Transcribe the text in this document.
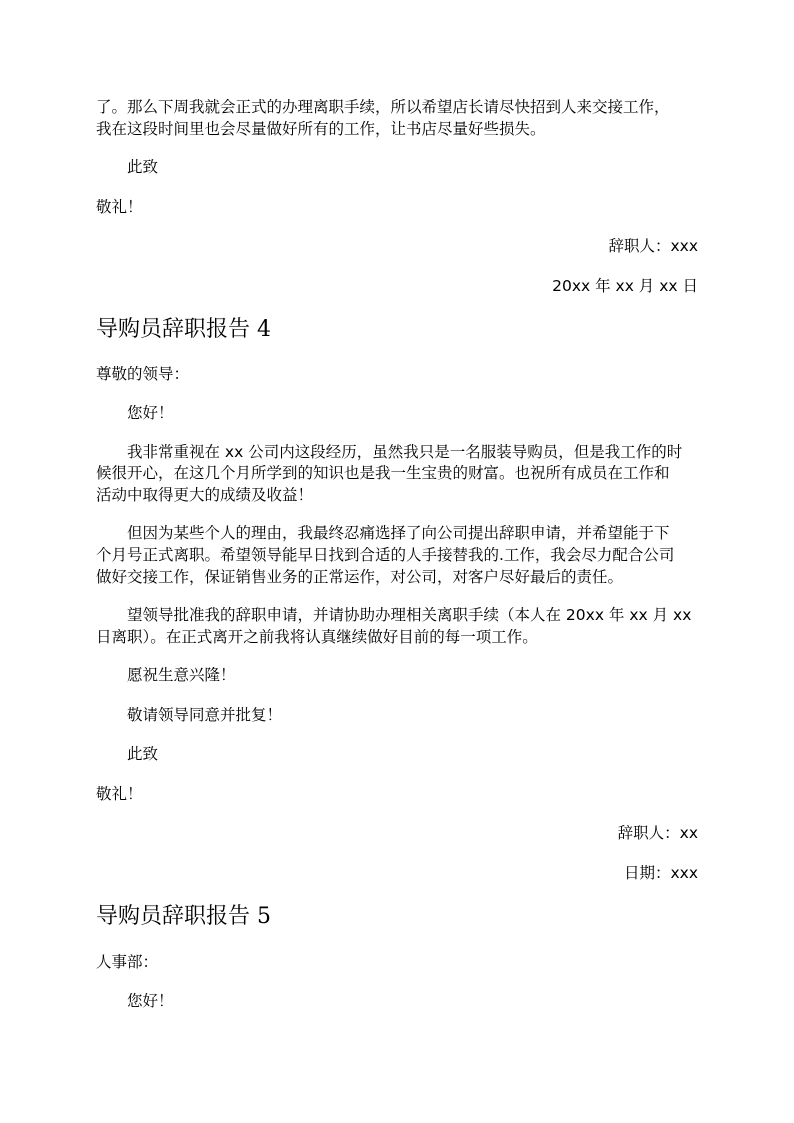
了。那么下周我就会正式的办理离职手续，所以希望店长请尽快招到人来交接工作，
我在这段时间里也会尽量做好所有的工作，让书店尽量好些损失。
此致
敬礼！
辞职人：xxx
20xx 年 xx 月 xx 日
导购员辞职报告 4
尊敬的领导：
您好！
我非常重视在 xx 公司内这段经历，虽然我只是一名服装导购员，但是我工作的时
候很开心，在这几个月所学到的知识也是我一生宝贵的财富。也祝所有成员在工作和
活动中取得更大的成绩及收益！
但因为某些个人的理由，我最终忍痛选择了向公司提出辞职申请，并希望能于下
个月号正式离职。希望领导能早日找到合适的人手接替我的.工作，我会尽力配合公司
做好交接工作，保证销售业务的正常运作，对公司，对客户尽好最后的责任。
望领导批准我的辞职申请，并请协助办理相关离职手续（本人在 20xx 年 xx 月 xx
日离职）。在正式离开之前我将认真继续做好目前的每一项工作。
愿祝生意兴隆！
敬请领导同意并批复！
此致
敬礼！
辞职人：xx
日期：xxx
导购员辞职报告 5
人事部：
您好！
